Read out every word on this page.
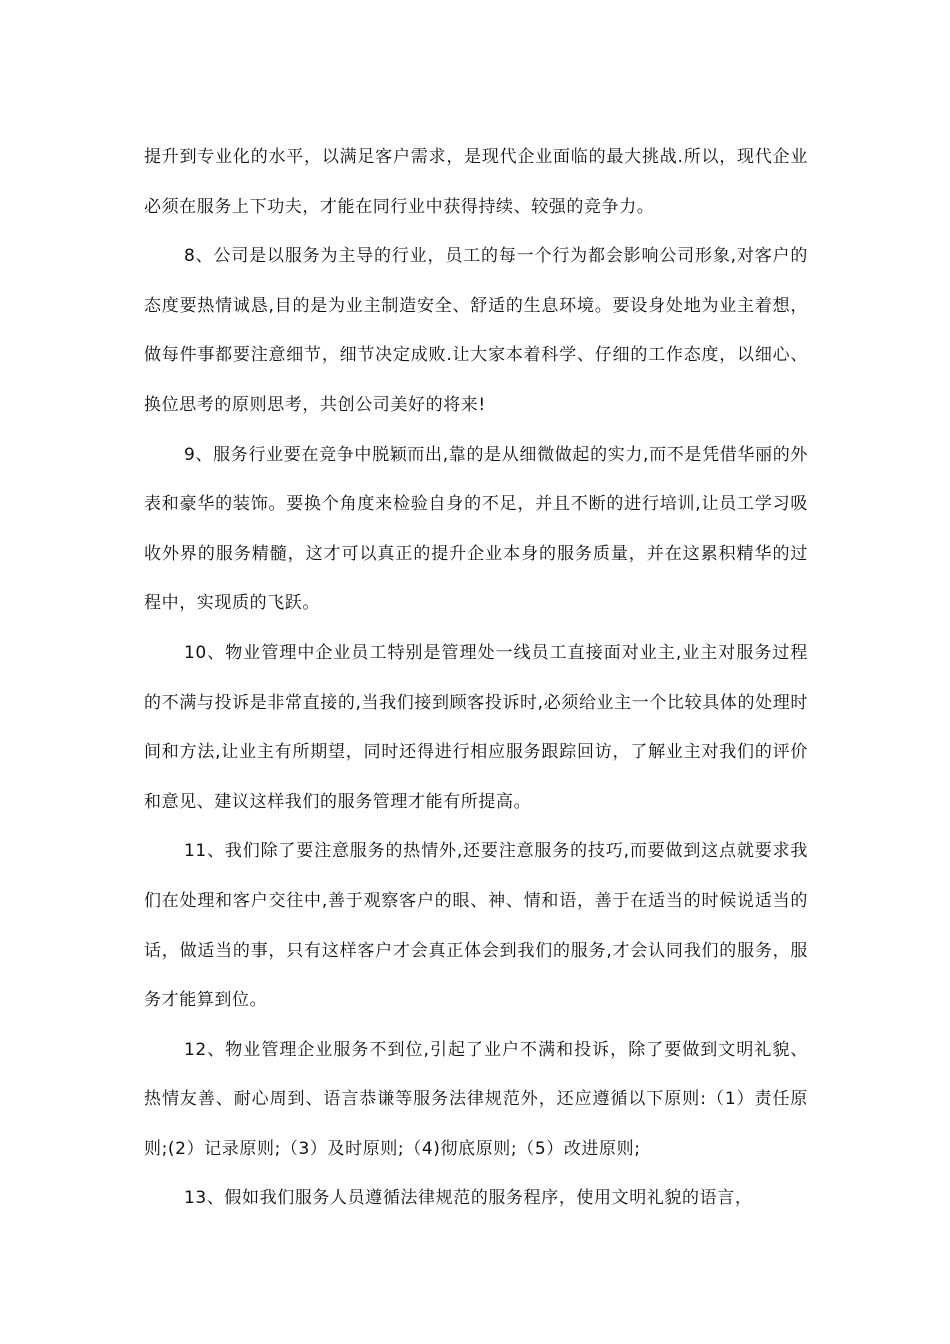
提升到专业化的水平，以满足客户需求，是现代企业面临的最大挑战.所以，现代企业必须在服务上下功夫，才能在同行业中获得持续、较强的竞争力。

8、公司是以服务为主导的行业，员工的每一个行为都会影响公司形象,对客户的态度要热情诚恳,目的是为业主制造安全、舒适的生息环境。要设身处地为业主着想，做每件事都要注意细节，细节决定成败.让大家本着科学、仔细的工作态度，以细心、换位思考的原则思考，共创公司美好的将来!

9、服务行业要在竞争中脱颖而出,靠的是从细微做起的实力,而不是凭借华丽的外表和豪华的装饰。要换个角度来检验自身的不足，并且不断的进行培训,让员工学习吸收外界的服务精髓，这才可以真正的提升企业本身的服务质量，并在这累积精华的过程中，实现质的飞跃。

10、物业管理中企业员工特别是管理处一线员工直接面对业主,业主对服务过程的不满与投诉是非常直接的,当我们接到顾客投诉时,必须给业主一个比较具体的处理时间和方法,让业主有所期望，同时还得进行相应服务跟踪回访，了解业主对我们的评价和意见、建议这样我们的服务管理才能有所提高。

11、我们除了要注意服务的热情外,还要注意服务的技巧,而要做到这点就要求我们在处理和客户交往中,善于观察客户的眼、神、情和语，善于在适当的时候说适当的话，做适当的事，只有这样客户才会真正体会到我们的服务,才会认同我们的服务，服务才能算到位。

12、物业管理企业服务不到位,引起了业户不满和投诉，除了要做到文明礼貌、热情友善、耐心周到、语言恭谦等服务法律规范外，还应遵循以下原则:（1）责任原则;(2）记录原则;（3）及时原则;（4)彻底原则;（5）改进原则;

13、假如我们服务人员遵循法律规范的服务程序，使用文明礼貌的语言，
